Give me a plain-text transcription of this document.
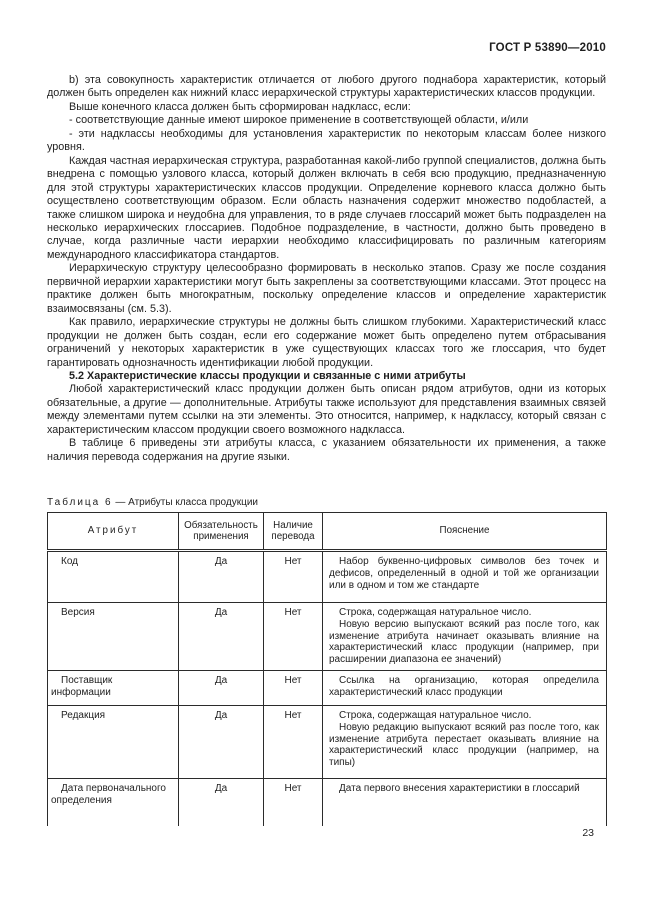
ГОСТ Р 53890—2010

b) эта совокупность характеристик отличается от любого другого поднабора характеристик, который должен быть определен как нижний класс иерархической структуры характеристических классов продукции.

Выше конечного класса должен быть сформирован надкласс, если:

- соответствующие данные имеют широкое применение в соответствующей области, и/или

- эти надклассы необходимы для установления характеристик по некоторым классам более низкого уровня.

Каждая частная иерархическая структура, разработанная какой-либо группой специалистов, должна быть внедрена с помощью узлового класса, который должен включать в себя всю продукцию, предназначенную для этой структуры характеристических классов продукции. Определение корневого класса должно быть осуществлено соответствующим образом. Если область назначения содержит множество подобластей, а также слишком широка и неудобна для управления, то в ряде случаев глоссарий может быть подразделен на несколько иерархических глоссариев. Подобное подразделение, в частности, должно быть проведено в случае, когда различные части иерархии необходимо классифицировать по различным категориям международного классификатора стандартов.

Иерархическую структуру целесообразно формировать в несколько этапов. Сразу же после создания первичной иерархии характеристики могут быть закреплены за соответствующими классами. Этот процесс на практике должен быть многократным, поскольку определение классов и определение характеристик взаимосвязаны (см. 5.3).

Как правило, иерархические структуры не должны быть слишком глубокими. Характеристический класс продукции не должен быть создан, если его содержание может быть определено путем отбрасывания ограничений у некоторых характеристик в уже существующих классах того же глоссария, что будет гарантировать однозначность идентификации любой продукции.

5.2 Характеристические классы продукции и связанные с ними атрибуты

Любой характеристический класс продукции должен быть описан рядом атрибутов, одни из которых обязательные, а другие — дополнительные. Атрибуты также используют для представления взаимных связей между элементами путем ссылки на эти элементы. Это относится, например, к надклассу, который связан с характеристическим классом продукции своего возможного надкласса.

В таблице 6 приведены эти атрибуты класса, с указанием обязательности их применения, а также наличия перевода содержания на другие языки.

Таблица 6 — Атрибуты класса продукции
Атрибут	Обязательность применения	Наличие перевода	Пояснение
Код	Да	Нет	Набор буквенно-цифровых символов без точек и дефисов, определенный в одной и той же организации или в одном и том же стандарте

Версия	Да	Нет	Строка, содержащая натуральное число.

Новую версию выпускают всякий раз после того, как изменение атрибута начинает оказывать влияние на характеристический класс продукции (например, при расширении диапазона ее значений)

Поставщик информации	Да	Нет	Ссылка на организацию, которая определила характеристический класс продукции

Редакция	Да	Нет	Строка, содержащая натуральное число.

Новую редакцию выпускают всякий раз после того, как изменение атрибута перестает оказывать влияние на характеристический класс продукции (например, на типы)

Дата первоначального определения	Да	Нет	Дата первого внесения характеристики в глоссарий

23
